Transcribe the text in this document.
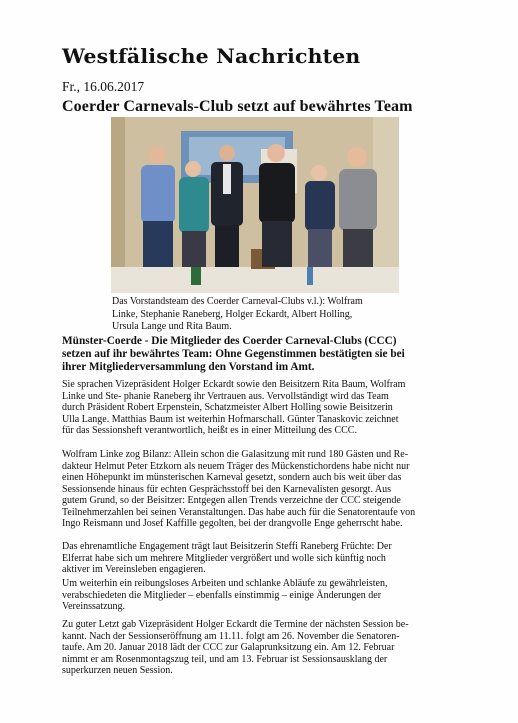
Westfälische Nachrichten
Fr., 16.06.2017
Coerder Carnevals-Club setzt auf bewährtes Team
Das Vorstandsteam des Coerder Carneval-Clubs v.l.): Wolfram
Linke, Stephanie Raneberg, Holger Eckardt, Albert Holling,
Ursula Lange und Rita Baum.
Münster-Coerde - Die Mitglieder des Coerder Carneval-Clubs (CCC)
setzen auf ihr bewährtes Team: Ohne Gegenstimmen bestätigten sie bei
ihrer Mitgliederversammlung den Vorstand im Amt.
Sie sprachen Vizepräsident Holger Eckardt sowie den Beisitzern Rita Baum, Wolfram
Linke und Ste- phanie Raneberg ihr Vertrauen aus. Vervollständigt wird das Team
durch Präsident Robert Erpenstein, Schatzmeister Albert Holling sowie Beisitzerin
Ulla Lange. Matthias Baum ist weiterhin Hofmarschall. Günter Tanaskovic zeichnet
für das Sessionsheft verantwortlich, heißt es in einer Mitteilung des CCC.
Wolfram Linke zog Bilanz: Allein schon die Galasitzung mit rund 180 Gästen und Re-
dakteur Helmut Peter Etzkorn als neuem Träger des Mückenstichordens habe nicht nur
einen Höhepunkt im münsterischen Karneval gesetzt, sondern auch bis weit über das
Sessionsende hinaus für echten Gesprächsstoff bei den Karnevalisten gesorgt. Aus
gutem Grund, so der Beisitzer: Entgegen allen Trends verzeichne der CCC steigende
Teilnehmerzahlen bei seinen Veranstaltungen. Das habe auch für die Senatorentaufe von
Ingo Reismann und Josef Kaffille gegolten, bei der drangvolle Enge geherrscht habe.
Das ehrenamtliche Engagement trägt laut Beisitzerin Steffi Raneberg Früchte: Der
Elferrat habe sich um mehrere Mitglieder vergrößert und wolle sich künftig noch
aktiver im Vereinsleben engagieren.
Um weiterhin ein reibungsloses Arbeiten und schlanke Abläufe zu gewährleisten,
verabschiedeten die Mitglieder – ebenfalls einstimmig – einige Änderungen der
Vereinssatzung.
Zu guter Letzt gab Vizepräsident Holger Eckardt die Termine der nächsten Session be-
kannt. Nach der Sessionseröffnung am 11.11. folgt am 26. November die Senatoren-
taufe. Am 20. Januar 2018 lädt der CCC zur Galaprunksitzung ein. Am 12. Februar
nimmt er am Rosenmontagszug teil, und am 13. Februar ist Sessionsausklang der
superkurzen neuen Session.
